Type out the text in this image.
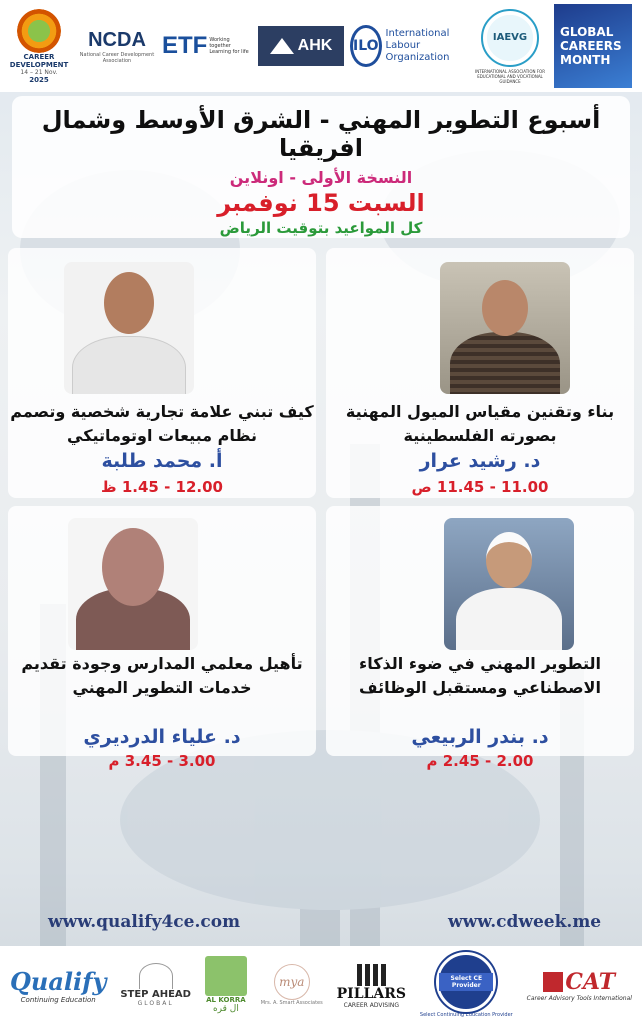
CAREER
DEVELOPMENT
14 – 21 Nov.
2025
NCDA
National Career Development Association
ETF Working together Learning for life	AHK ILO
International Labour Organization
IAEVG
INTERNATIONAL ASSOCIATION FOR EDUCATIONAL AND VOCATIONAL GUIDANCE
GLOBAL CAREERS MONTH
أسبوع التطوير المهني - الشرق الأوسط وشمال افريقيا
النسخة الأولى - اونلاين
السبت 15 نوفمبر
كل المواعيد بتوقيت الرياض
بناء وتقنين مقياس الميول المهنية بصورته الفلسطينية
د. رشيد عرار
11.00 - 11.45 ص
كيف تبني علامة تجارية شخصية وتصمم نظام مبيعات اوتوماتيكي
أ. محمد طلبة
12.00 - 1.45 ظ
التطوير المهني في ضوء الذكاء الاصطناعي ومستقبل الوظائف
د. بندر الربيعي
2.00 - 2.45 م
تأهيل معلمي المدارس وجودة تقديم خدمات التطوير المهني
د. علياء الدرديري
3.00 - 3.45 م
www.qualify4ce.com	www.cdweek.me
Qualify
Continuing Education STEP AHEAD
GLOBAL	AL KORRA
ال قره
mya
Mrs. A. Smart Associates
PILLARS
CAREER ADVISING
Select CE Provider
Select Continuing Education Provider
CAT
Career Advisory Tools International
